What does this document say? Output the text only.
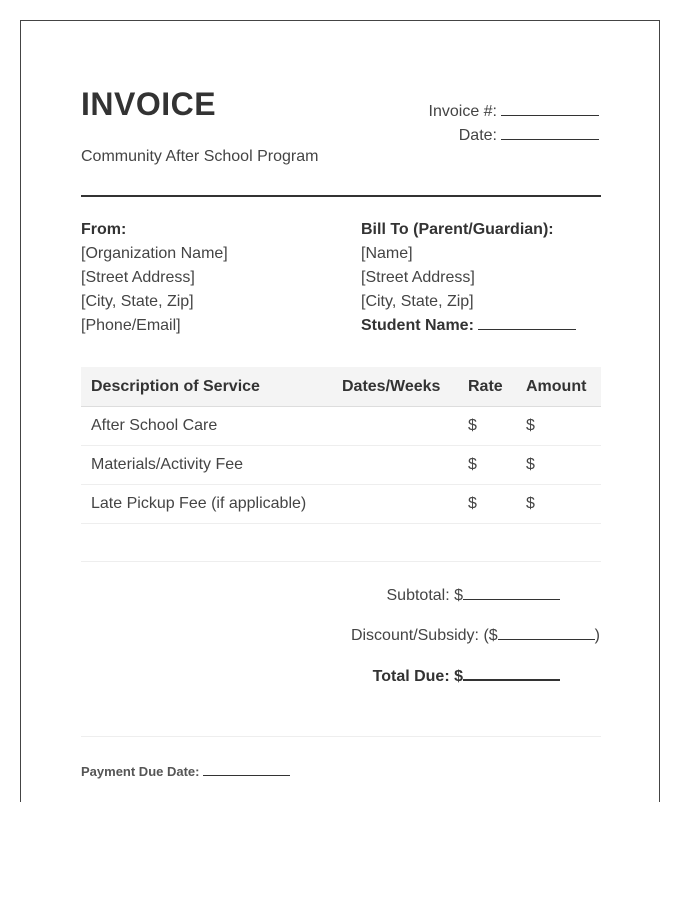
INVOICE
Community After School Program
Invoice #:
Date:
From:
[Organization Name]
[Street Address]
[City, State, Zip]
[Phone/Email]
Bill To (Parent/Guardian):
[Name]
[Street Address]
[City, State, Zip]
Student Name:
Description of Service	Dates/Weeks	Rate	Amount
After School Care		$	$
Materials/Activity Fee		$	$
Late Pickup Fee (if applicable)		$	$
Subtotal: $
Discount/Subsidy: ($	)
Total Due: $
Payment Due Date:
